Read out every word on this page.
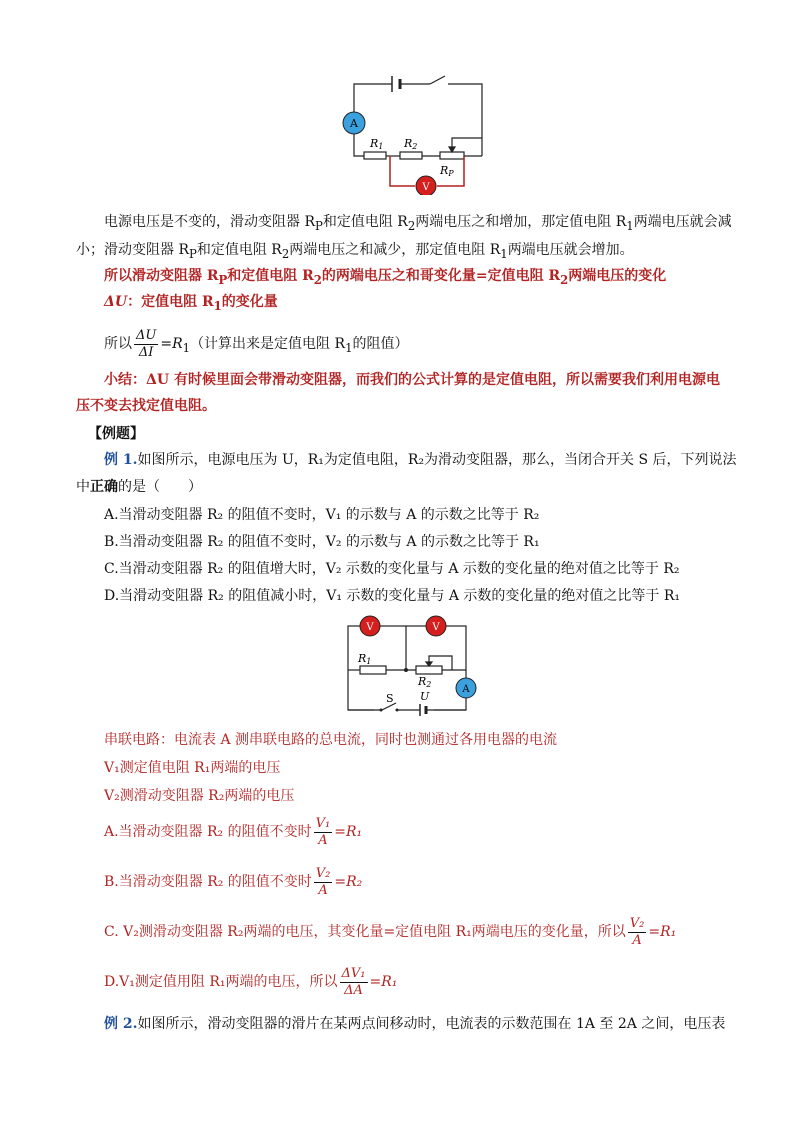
A
V
R1 R2
RP
电源电压是不变的，滑动变阻器 $R_P$和定值电阻 $R_2$两端电压之和增加，那定值电阻 $R_1$两端电压就会减
小；滑动变阻器 $R_P$和定值电阻 $R_2$两端电压之和减少，那定值电阻 $R_1$两端电压就会增加。
所以滑动变阻器 $R_P$和定值电阻 $R_2$的两端电压之和哥变化量=定值电阻 $R_2$两端电压的变化
ΔU：定值电阻 $R_1$的变化量
所以 $\frac{\Delta U}{\Delta I} =R_1$（计算出来是定值电阻 $R_1$的阻值）
小结：ΔU 有时候里面会带滑动变阻器，而我们的公式计算的是定值电阻，所以需要我们利用电源电
压不变去找定值电阻。
【例题】
例 1.如图所示，电源电压为 U，R₁为定值电阻，R₂为滑动变阻器，那么，当闭合开关 S 后，下列说法
中正确的是（　　）
A.当滑动变阻器 R₂ 的阻值不变时，V₁ 的示数与 A 的示数之比等于 R₂
B.当滑动变阻器 R₂ 的阻值不变时，V₂ 的示数与 A 的示数之比等于 R₁
C.当滑动变阻器 R₂ 的阻值增大时，V₂ 示数的变化量与 A 示数的变化量的绝对值之比等于 R₂
D.当滑动变阻器 R₂ 的阻值减小时，V₁ 示数的变化量与 A 示数的变化量的绝对值之比等于 R₁
V	V
A
R1
R2
S U
串联电路：电流表 A 测串联电路的总电流，同时也测通过各用电器的电流
V₁测定值电阻 R₁两端的电压
V₂测滑动变阻器 R₂两端的电压
A.当滑动变阻器 R₂ 的阻值不变时 $\frac{\text{V₁}}{A} =R_1$
B.当滑动变阻器 R₂ 的阻值不变时 $\frac{\text{V₂}}{A} =R_2$
C. V₂测滑动变阻器 R₂两端的电压，其变化量=定值电阻 R₁两端电压的变化量，所以 $\frac{\text{V₂}}{A} =R_1$
D.V₁测定值用阻 R₁两端的电压，所以 $\frac{\text{ΔV₁}}{\Delta A} =R_1$
例 2.如图所示，滑动变阻器的滑片在某两点间移动时，电流表的示数范围在 1A 至 2A 之间，电压表
